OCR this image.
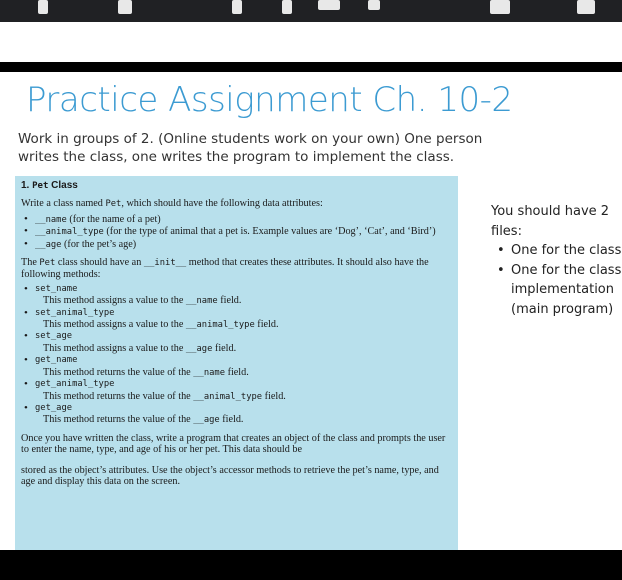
Practice Assignment Ch. 10-2
Work in groups of 2. (Online students work on your own) One person writes the class, one writes the program to implement the class.
1. Pet Class

Write a class named Pet, which should have the following data attributes:

• __name (for the name of a pet)
• __animal_type (for the type of animal that a pet is. Example values are ‘Dog’, ‘Cat’, and ‘Bird’)
• __age (for the pet’s age)

The Pet class should have an __init__ method that creates these attributes. It should also have the following methods:

• set_name
This method assigns a value to the __name field.
• set_animal_type
This method assigns a value to the __animal_type field.
• set_age
This method assigns a value to the __age field.
• get_name
This method returns the value of the __name field.
• get_animal_type
This method returns the value of the __animal_type field.
• get_age
This method returns the value of the __age field.

Once you have written the class, write a program that creates an object of the class and prompts the user to enter the name, type, and age of his or her pet. This data should be

stored as the object’s attributes. Use the object’s accessor methods to retrieve the pet’s name, type, and age and display this data on the screen.

You should have 2 files:
• One for the class
• One for the class implementation (main program)
